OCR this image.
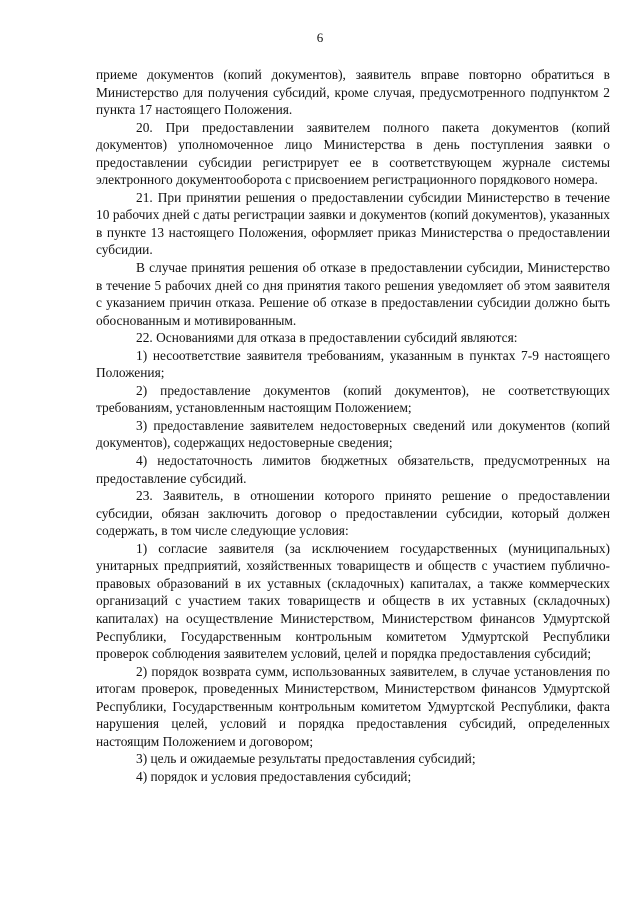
6

приеме документов (копий документов), заявитель вправе повторно обратиться в Министерство для получения субсидий, кроме случая, предусмотренного подпунктом 2 пункта 17 настоящего Положения.

20. При предоставлении заявителем полного пакета документов (копий документов) уполномоченное лицо Министерства в день поступления заявки о предоставлении субсидии регистрирует ее в соответствующем журнале системы электронного документооборота с присвоением регистрационного порядкового номера.

21. При принятии решения о предоставлении субсидии Министерство в течение 10 рабочих дней с даты регистрации заявки и документов (копий документов), указанных в пункте 13 настоящего Положения, оформляет приказ Министерства о предоставлении субсидии.

В случае принятия решения об отказе в предоставлении субсидии, Министерство в течение 5 рабочих дней со дня принятия такого решения уведомляет об этом заявителя с указанием причин отказа. Решение об отказе в предоставлении субсидии должно быть обоснованным и мотивированным.

22. Основаниями для отказа в предоставлении субсидий являются:

1) несоответствие заявителя требованиям, указанным в пунктах 7-9 настоящего Положения;

2) предоставление документов (копий документов), не соответствующих требованиям, установленным настоящим Положением;

3) предоставление заявителем недостоверных сведений или документов (копий документов), содержащих недостоверные сведения;

4) недостаточность лимитов бюджетных обязательств, предусмотренных на предоставление субсидий.

23. Заявитель, в отношении которого принято решение о предоставлении субсидии, обязан заключить договор о предоставлении субсидии, который должен содержать, в том числе следующие условия:

1) согласие заявителя (за исключением государственных (муниципальных) унитарных предприятий, хозяйственных товариществ и обществ с участием публично-правовых образований в их уставных (складочных) капиталах, а также коммерческих организаций с участием таких товариществ и обществ в их уставных (складочных) капиталах) на осуществление Министерством, Министерством финансов Удмуртской Республики, Государственным контрольным комитетом Удмуртской Республики проверок соблюдения заявителем условий, целей и порядка предоставления субсидий;

2) порядок возврата сумм, использованных заявителем, в случае установления по итогам проверок, проведенных Министерством, Министерством финансов Удмуртской Республики, Государственным контрольным комитетом Удмуртской Республики, факта нарушения целей, условий и порядка предоставления субсидий, определенных настоящим Положением и договором;

3) цель и ожидаемые результаты предоставления субсидий;

4) порядок и условия предоставления субсидий;
